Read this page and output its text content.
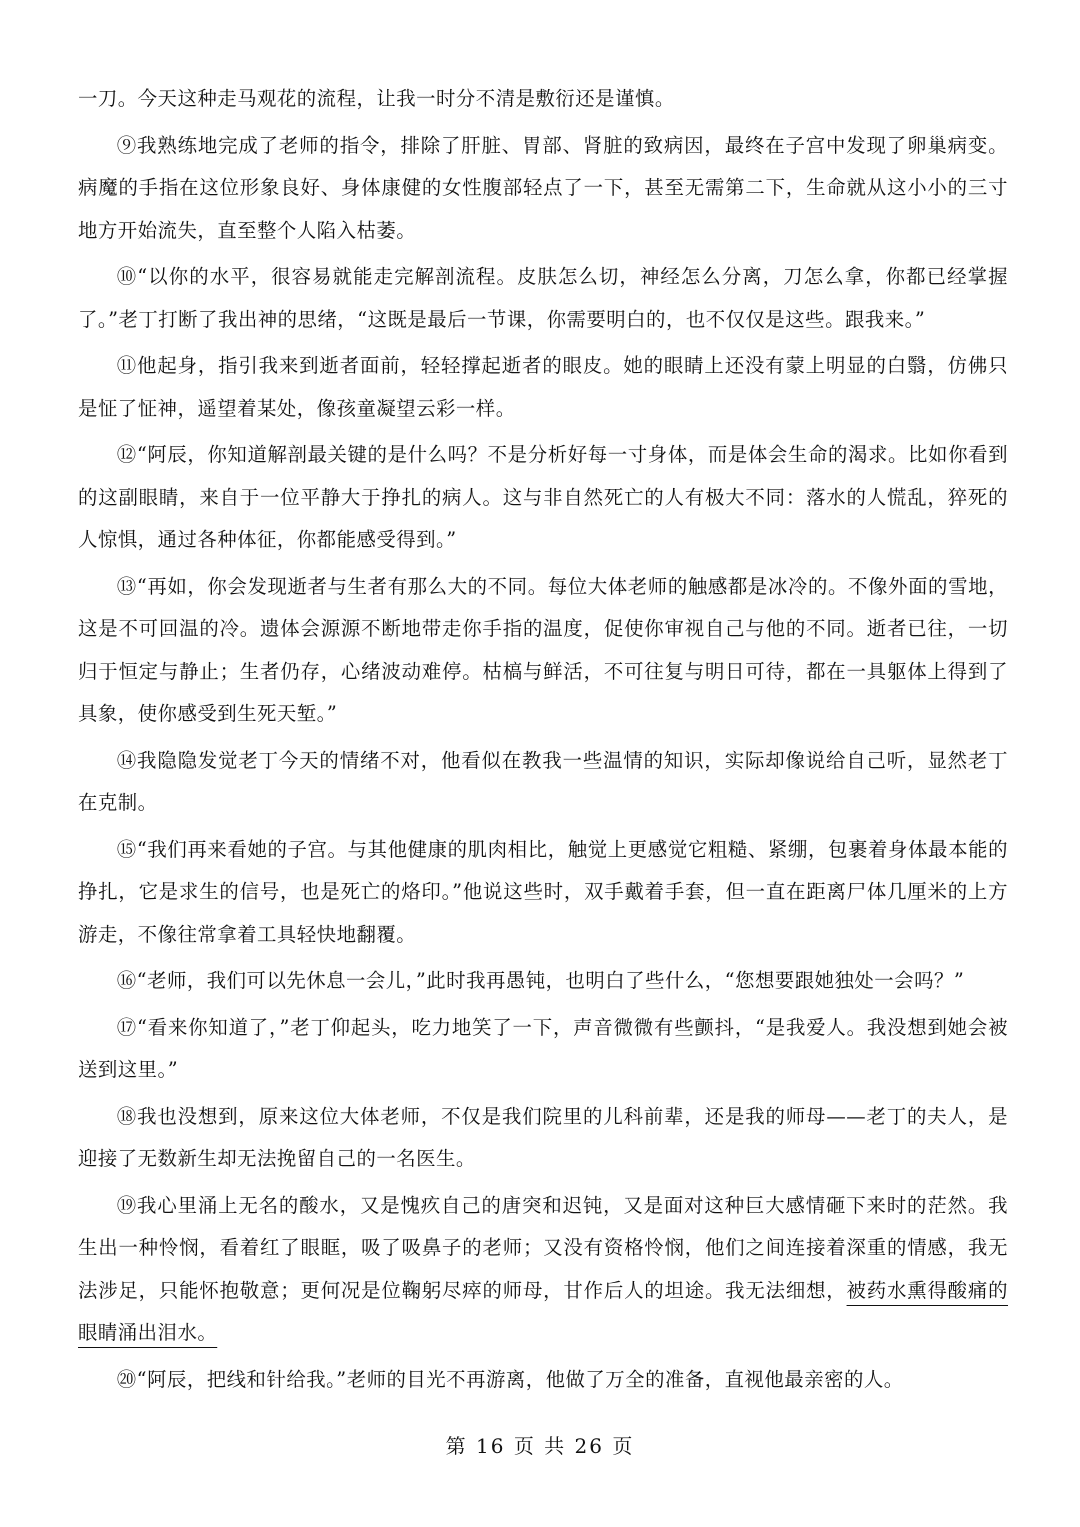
一刀。今天这种走马观花的流程，让我一时分不清是敷衍还是谨慎。

⑨我熟练地完成了老师的指令，排除了肝脏、胃部、肾脏的致病因，最终在子宫中发现了卵巢病变。病魔的手指在这位形象良好、身体康健的女性腹部轻点了一下，甚至无需第二下，生命就从这小小的三寸地方开始流失，直至整个人陷入枯萎。

⑩“以你的水平，很容易就能走完解剖流程。皮肤怎么切，神经怎么分离，刀怎么拿，你都已经掌握了。”老丁打断了我出神的思绪，“这既是最后一节课，你需要明白的，也不仅仅是这些。跟我来。”

⑪他起身，指引我来到逝者面前，轻轻撑起逝者的眼皮。她的眼睛上还没有蒙上明显的白翳，仿佛只是怔了怔神，遥望着某处，像孩童凝望云彩一样。

⑫“阿辰，你知道解剖最关键的是什么吗？不是分析好每一寸身体，而是体会生命的渴求。比如你看到的这副眼睛，来自于一位平静大于挣扎的病人。这与非自然死亡的人有极大不同：落水的人慌乱，猝死的人惊惧，通过各种体征，你都能感受得到。”

⑬“再如，你会发现逝者与生者有那么大的不同。每位大体老师的触感都是冰冷的。不像外面的雪地，这是不可回温的冷。遗体会源源不断地带走你手指的温度，促使你审视自己与他的不同。逝者已往，一切归于恒定与静止；生者仍存，心绪波动难停。枯槁与鲜活，不可往复与明日可待，都在一具躯体上得到了具象，使你感受到生死天堑。”

⑭我隐隐发觉老丁今天的情绪不对，他看似在教我一些温情的知识，实际却像说给自己听，显然老丁在克制。

⑮“我们再来看她的子宫。与其他健康的肌肉相比，触觉上更感觉它粗糙、紧绷，包裹着身体最本能的挣扎，它是求生的信号，也是死亡的烙印。”他说这些时，双手戴着手套，但一直在距离尸体几厘米的上方游走，不像往常拿着工具轻快地翻覆。

⑯“老师，我们可以先休息一会儿，”此时我再愚钝，也明白了些什么，“您想要跟她独处一会吗？”

⑰“看来你知道了，”老丁仰起头，吃力地笑了一下，声音微微有些颤抖，“是我爱人。我没想到她会被送到这里。”

⑱我也没想到，原来这位大体老师，不仅是我们院里的儿科前辈，还是我的师母——老丁的夫人，是迎接了无数新生却无法挽留自己的一名医生。

⑲我心里涌上无名的酸水，又是愧疚自己的唐突和迟钝，又是面对这种巨大感情砸下来时的茫然。我生出一种怜悯，看着红了眼眶，吸了吸鼻子的老师；又没有资格怜悯，他们之间连接着深重的情感，我无法涉足，只能怀抱敬意；更何况是位鞠躬尽瘁的师母，甘作后人的坦途。我无法细想，被药水熏得酸痛的眼睛涌出泪水。

⑳“阿辰，把线和针给我。”老师的目光不再游离，他做了万全的准备，直视他最亲密的人。

第 16 页 共 26 页
